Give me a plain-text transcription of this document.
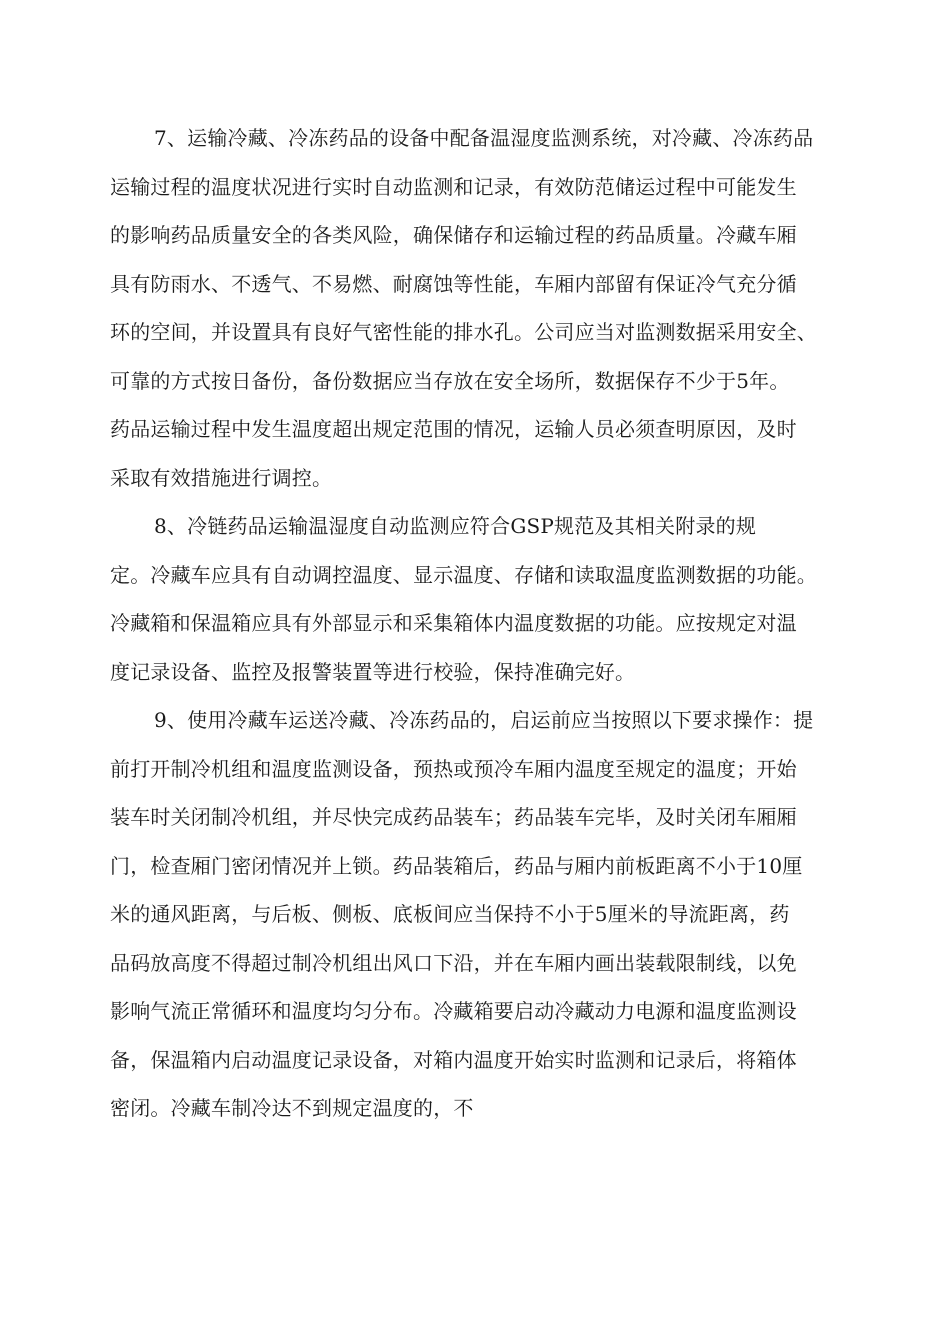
7、运输冷藏、冷冻药品的设备中配备温湿度监测系统，对冷藏、冷冻药品
运输过程的温度状况进行实时自动监测和记录，有效防范储运过程中可能发生
的影响药品质量安全的各类风险，确保储存和运输过程的药品质量。冷藏车厢
具有防雨水、不透气、不易燃、耐腐蚀等性能，车厢内部留有保证冷气充分循
环的空间，并设置具有良好气密性能的排水孔。公司应当对监测数据采用安全、
可靠的方式按日备份，备份数据应当存放在安全场所，数据保存不少于5年。
药品运输过程中发生温度超出规定范围的情况，运输人员必须查明原因，及时
采取有效措施进行调控。
8、冷链药品运输温湿度自动监测应符合GSP规范及其相关附录的规
定。冷藏车应具有自动调控温度、显示温度、存储和读取温度监测数据的功能。
冷藏箱和保温箱应具有外部显示和采集箱体内温度数据的功能。应按规定对温
度记录设备、监控及报警装置等进行校验，保持准确完好。
9、使用冷藏车运送冷藏、冷冻药品的，启运前应当按照以下要求操作：提
前打开制冷机组和温度监测设备，预热或预冷车厢内温度至规定的温度；开始
装车时关闭制冷机组，并尽快完成药品装车；药品装车完毕，及时关闭车厢厢
门，检查厢门密闭情况并上锁。药品装箱后，药品与厢内前板距离不小于10厘
米的通风距离，与后板、侧板、底板间应当保持不小于5厘米的导流距离，药
品码放高度不得超过制冷机组出风口下沿，并在车厢内画出装载限制线，以免
影响气流正常循环和温度均匀分布。冷藏箱要启动冷藏动力电源和温度监测设
备，保温箱内启动温度记录设备，对箱内温度开始实时监测和记录后，将箱体
密闭。冷藏车制冷达不到规定温度的，不
